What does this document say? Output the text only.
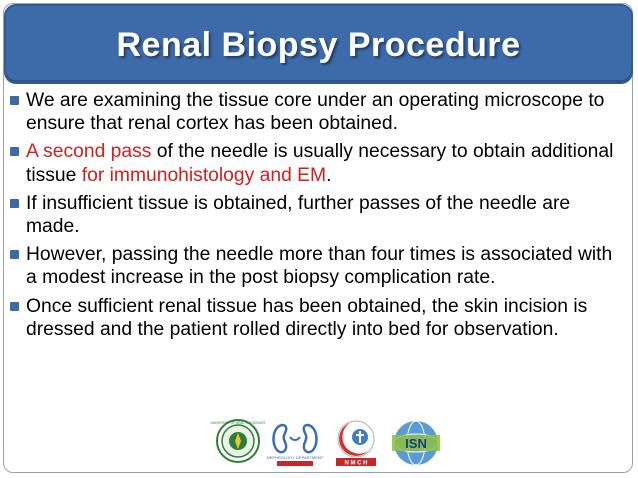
Renal Biopsy Procedure
We are examining the tissue core under an operating microscope to ensure that renal cortex has been obtained.
A second pass of the needle is usually necessary to obtain additional tissue for immunohistology and EM.
If insufficient tissue is obtained, further passes of the needle are made.
However, passing the needle more than four times is associated with a modest increase in the post biopsy complication rate.
Once sufficient renal tissue has been obtained, the skin incision is dressed and the patient rolled directly into bed for observation.
UNIVERSITY OF HEALTH SCIENCES
NEPHROLOGY DEPARTMENT
N M C H
ISN
